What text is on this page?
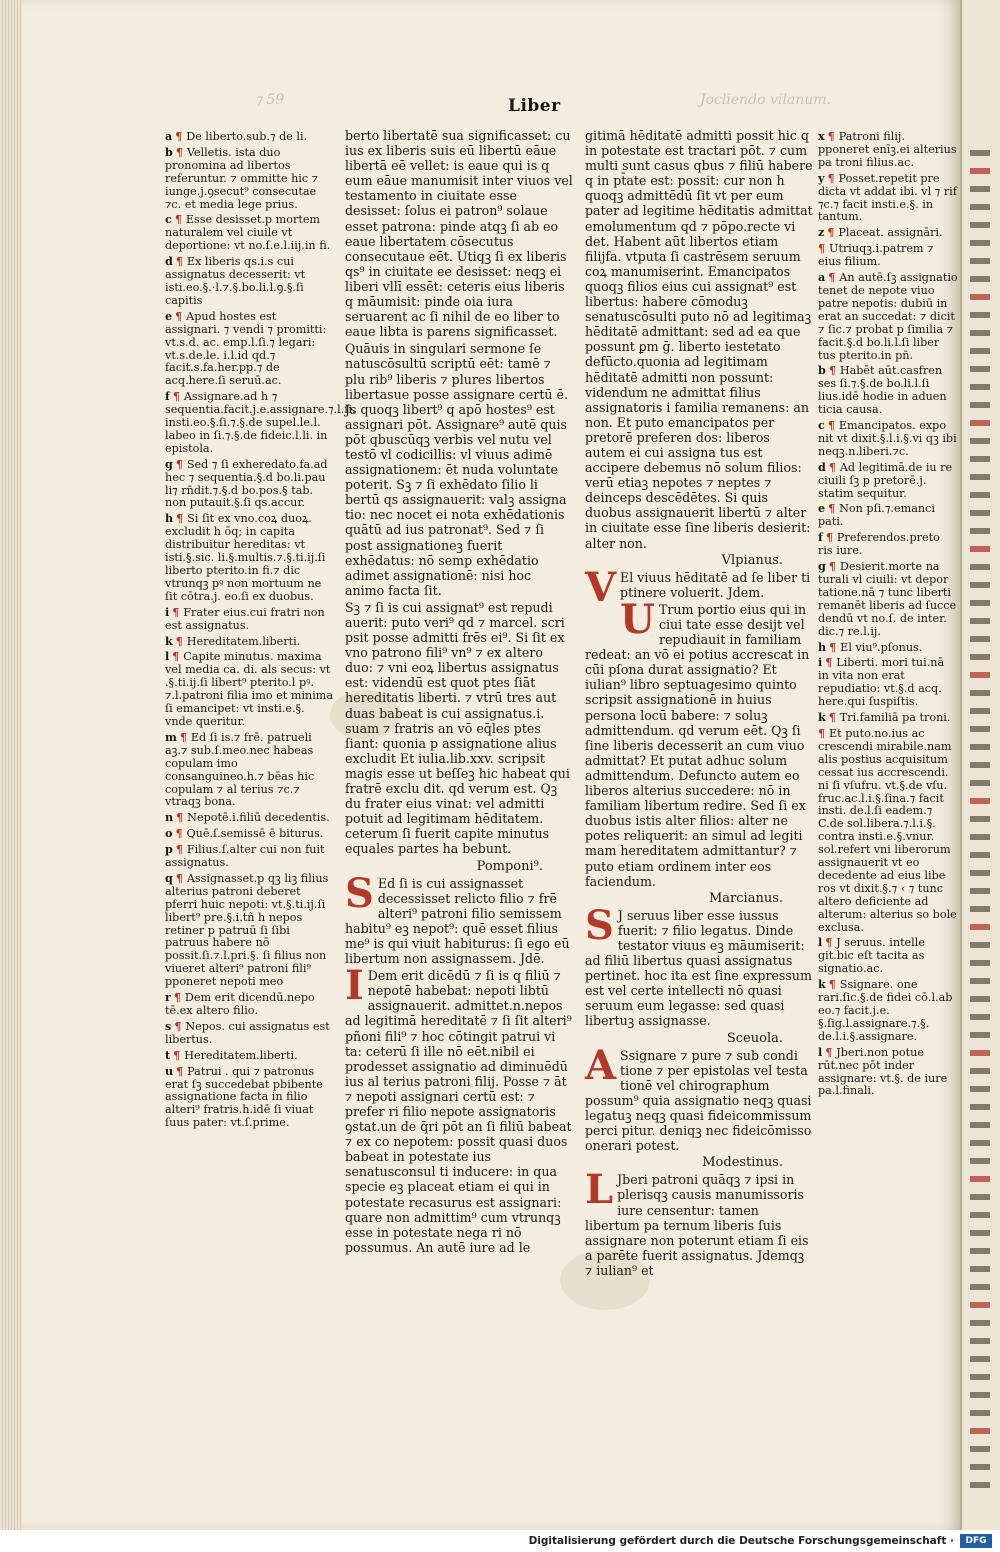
⁊ 59	Jocliendo vilanum.
Liber

a ¶ De liberto.sub.⁊ de li.

b ¶ Velletis. ista duo pronomina ad libertos referuntur. ⁊ ommitte hic ⁊ iunge.j.ꝯsecut⁹ consecutae ⁊c. et media lege prius.

c ¶ Esse desisset.p mortem naturalem vel ciuile vt deportione: vt no.ſ.e.l.iij.in fi.

d ¶ Ex liberis qs.i.s cui assignatus decesserit: vt isti.eo.§.·l.⁊.§.bo.li.l.ꝯ.§.ſi capitis

e ¶ Apud hostes est assignari. ⁊ vendi ⁊ promitti: vt.s.d. ac. emp.l.ſi.⁊ legari: vt.s.de.le. i.l.id qd.⁊ facit.s.fa.her.pp.⁊ de acq.here.ſi seruū.ac.

f ¶ Assignare.ad h ⁊ sequentia.facit.j.e.assignare.⁊.l.ſi. insti.eo.§.ſi.⁊.§.de supel.le.l. labeo in ſi.⁊.§.de fideic.l.li. in epistola.

g ¶ Sed ⁊ ſi exheredato.fa.ad hec ⁊ sequentia.§.d bo.li.pau li⁊ rn̄dit.⁊.§.d bo.pos.§ tab. non putauit.§.ſi qs.accur.

h ¶ Si ſit ex vno.coꝝ duoꝝ. excludit h ōq; in capita distribuitur hereditas: vt isti.§.sic. li.§.multis.⁊.§.ti.ij.ſi liberto pterito.in fi.⁊ dic vtrunqꝫ pꝰ non mortuum ne ſit cōtra.j. eo.ſi ex duobus.

i ¶ Frater eius.cui fratri non est assignatus.

k ¶ Hereditatem.liberti.

l ¶ Capite minutus. maxima vel media ca. di. als secus: vt .§.ti.ij.ſi libert⁹ pterito.l pꝰ. ⁊.l.patroni filia imo et minima ſi emancipet: vt insti.e.§. vnde queritur.

m ¶ Ed ſi is.⁊ frē. patrueli aꝫ.⁊ sub.ſ.meo.nec habeas copulam imo consanguineo.h.⁊ bēas hic copulam ⁊ al terius ⁊c.⁊ vtraqꝫ bona.

n ¶ Nepotē.i.filiū decedentis.

o ¶ Quē.ſ.semissē ē biturus.

p ¶ Filius.ſ.alter cui non fuit assignatus.

q ¶ Assignasset.p qꝫ liꝫ filius alterius patroni deberet pferri huic nepoti: vt.§.ti.ij.ſi libert⁹ pre.§.i.tñ h nepos retiner p patruū ſi ſibi patruus habere nō possit.ſi.⁊.l.pri.§. ſi filius non viueret alteri⁹ patroni fili⁹ pponeret nepoti meo

r ¶ Dem erit dicendū.nepo tē.ex altero filio.

s ¶ Nepos. cui assignatus est libertus.

t ¶ Hereditatem.liberti.

u ¶ Patrui . qui ⁊ patronus erat ſꝫ succedebat pbibente assignatione facta in filio alteri⁹ fratris.h.idē ſi viuat ſuus pater: vt.ſ.prime.

berto libertatē sua significasset: cu ius ex liberis suis eū libertū eāue libertā eē vellet: is eaue qui is q eum eāue manumisit inter viuos vel testamento in ciuitate esse desisset: ſolus ei patron⁹ solaue esset patrona: pinde atqꝫ ſi ab eo eaue libertatem cōsecutus consecutaue eēt. Utiqꝫ ſi ex liberis qs⁹ in ciuitate ee desisset: neqꝫ ei liberi vllī essēt: ceteris eius liberis q māumisit: pinde oia iura seruarent ac ſi nihil de eo liber to eaue libta is parens significasset.

Quāuis in singulari sermone ſe natuscōsultū scriptū eēt: tamē ⁊ plu rib⁹ liberis ⁊ plures libertos libertasue posse assignare certū ē. Js quoqꝫ libert⁹ q apō hostes⁹ est assignari pōt. Assignare⁹ autē quis pōt qbuscūqꝫ verbis vel nutu vel testō vl codicillis: vl viuus adimē assignationem: ēt nuda voluntate poterit. Sꝫ ⁊ ſi exhēdato ſilio li bertū qs assignauerit: valꝫ assigna tio: nec nocet ei nota exhēdationis quātū ad ius patronat⁹. Sed ⁊ ſi post assignationeꝫ fuerit exhēdatus: nō semp exhēdatio adimet assignationē: nisi hoc animo facta ſit.

Sꝫ ⁊ ſi is cui assignat⁹ est repudi auerit: puto veri⁹ qd ⁊ marcel. scri psit posse admitti frēs ei⁹. Si ſit ex vno patrono fili⁹ vn⁹ ⁊ ex altero duo: ⁊ vni eoꝝ libertus assignatus est: videndū est quot ptes ſiāt hereditatis liberti. ⁊ vtrū tres aut duas babeat is cui assignatus.i. suam ⁊ fratris an vō eq̄les ptes ſiant: quonia p assignatione alius excludit Et iulia.lib.xxv. scripsit magis esse ut beſſeꝫ hic habeat qui fratrē exclu dit. qd verum est. Qꝫ du frater eius vinat: vel admitti potuit ad legitimam hēditatem. ceterum ſi fuerit capite minutus equales partes ha bebunt.

Pomponi⁹.

S Ed ſi is cui assignasset decessisset relicto filio ⁊ frē alteri⁹ patroni filio semissem habitu⁹ eꝫ nepot⁹: quē esset filius me⁹ is qui viuit habiturus: ſi ego eū libertum non assignassem. Jdē.

I Dem erit dicēdū ⁊ ſi is q filiū ⁊ nepotē habebat: nepoti libtū assignauerit. admittet.n.nepos ad legitimā hereditatē ⁊ ſi ſit alteri⁹ pñoni fili⁹ ⁊ hoc cōtingit patrui vi ta: ceterū ſi ille nō eēt.nibil ei prodesset assignatio ad diminuēdū ius al terius patroni filij. Posse ⁊ āt ⁊ nepoti assignari certū est: ⁊ prefer ri filio nepote assignatoris ꝯstat.un de q̄ri pōt an ſi filiū babeat ⁊ ex co nepotem: possit quasi duos babeat in potestate ius senatusconsul ti inducere: in qua specie eꝫ placeat etiam ei qui in potestate recasurus est assignari: quare non admittim⁹ cum vtrunqꝫ esse in potestate nega ri nō possumus. An autē iure ad le

gitimā hēditatē admitti possit hic q in potestate est tractari pōt. ⁊ cum multi sunt casus qbus ⁊ filiū habere q in pt̄ate est: possit: cur non h quoqꝫ admittēdū ſit vt per eum pater ad legitime hēditatis admittat emolumentum qd ⁊ pōpo.recte vi det. Habent aūt libertos etiam filijfa. vtputa ſi castrēsem seruum coꝝ manumiserint. Emancipatos quoqꝫ filios eius cui assignat⁹ est libertus: habere cōmoduꝫ senatuscōsulti puto nō ad legitimaꝫ hēditatē admittant: sed ad ea que possunt ꝑm ḡ. liberto iestetato defūcto.quonia ad legitimam hēditatē admitti non possunt: videndum ne admittat filius assignatoris i familia remanens: an non. Et puto emancipatos per pretorē preferen dos: liberos autem ei cui assigna tus est accipere debemus nō solum filios: verū etiaꝫ nepotes ⁊ neptes ⁊ deinceps descēdētes. Si quis duobus assignauerit libertū ⁊ alter in ciuitate esse ſine liberis desierit: alter non.

Vlpianus.

V El viuus hēditatē ad ſe liber ti ptinere voluerit. Jdem.

U Trum portio eius qui in ciui tate esse desijt vel repudiauit in familiam redeat: an vō ei potius accrescat in cūi pſona durat assignatio? Et iulian⁹ libro septuagesimo quinto scripsit assignationē in huius persona locū babere: ⁊ soluꝫ admittendum. qd verum eēt. Qꝫ ſi ſine liberis decesserit an cum viuo admittat? Et putat adhuc solum admittendum. Defuncto autem eo liberos alterius succedere: nō in familiam libertum redire. Sed ſi ex duobus istis alter filios: alter ne potes reliquerit: an simul ad legiti mam hereditatem admittantur? ⁊ puto etiam ordinem inter eos faciendum.

Marcianus.

S J seruus liber esse iussus fuerit: ⁊ filio legatus. Dinde testator viuus eꝫ māumiserit: ad filiū libertus quasi assignatus pertinet. hoc ita est ſine expressum est vel certe intellecti nō quasi seruum eum legasse: sed quasi libertuꝫ assignasse.

Sceuola.

A Ssignare ⁊ pure ⁊ sub condi tione ⁊ per epistolas vel testa tionē vel chirographum possum⁹ quia assignatio neqꝫ quasi legatuꝫ neqꝫ quasi fideicommissum perci pitur. deniqꝫ nec fideicōmisso onerari potest.

Modestinus.

L Jberi patroni quāqꝫ ⁊ ipsi in plerisqꝫ causis manumissoris iure censentur: tamen libertum pa ternum liberis ſuis assignare non poterunt etiam ſi eis a parēte fuerit assignatus. Jdemqꝫ ⁊ iulian⁹ et

x ¶ Patroni filij. pponeret enīꝫ.ei alterius pa troni filius.ac.

y ¶ Posset.repetit pre dicta vt addat ibi. vl ⁊ rif ⁊c.⁊ facit insti.e.§. in tantum.

z ¶ Placeat. assignāri.

¶ Utriuqꝫ.i.patrem ⁊ eius filium.

a ¶ An autē.ſꝫ assignatio tenet de nepote viuo patre nepotis: dubiū in erat an succedat: ⁊ dicit ⁊ ſic.⁊ probat p ſimilia ⁊ facit.§.d bo.li.l.ſi liber tus pterito.in pn̄.

b ¶ Habēt aūt.casfren ses ſi.⁊.§.de bo.li.l.ſi lius.idē hodie in aduen ticia causa.

c ¶ Emancipatos. expo nit vt dixit.§.l.i.§.vi qꝫ ibi neqꝫ.n.liberi.⁊c.

d ¶ Ad legitimā.de iu re ciuili ſꝫ p pretorē.j. statim sequitur.

e ¶ Non pſi.⁊.emanci pati.

f ¶ Preferendos.preto ris iure.

g ¶ Desierit.morte na turali vl ciuili: vt depor tatione.nā ⁊ tunc liberti remanēt liberis ad ſucce dendū vt no.ſ. de inter. dic.⁊ re.l.ij.

h ¶ El viu⁹.pſonus.

i ¶ Liberti. mori tui.nā in vita non erat repudiatio: vt.§.d acq. here.qui ſuspiſtis.

k ¶ Tri.familiā pa troni.

¶ Et puto.no.ius ac crescendi mirabile.nam alis postius acquisitum cessat ius accrescendi. ni ſi vſufru. vt.§.de vſu. fruc.ac.l.i.§.ſina.⁊ facit insti. de.l.ſi eadem.⁊ C.de sol.libera.⁊.l.i.§. contra insti.e.§.vnur. sol.refert vni liberorum assignauerit vt eo decedente ad eius libe ros vt dixit.§.⁊ ‹ ⁊ tunc altero deficiente ad alterum: alterius so bole exclusa.

l ¶ J seruus. intelle git.bic eſt tacita as signatio.ac.

k ¶ Ssignare. one rari.ſic.§.de fidei cō.l.ab eo.⁊ facit.j.e. §.ſig.l.assignare.⁊.§. de.l.i.§.assignare.

l ¶ Jberi.non potue rūt.nec pōt inder assignare: vt.§. de iure pa.l.finali.

Digitalisierung gefördert durch die Deutsche Forschungsgemeinschaft ·	DFG
